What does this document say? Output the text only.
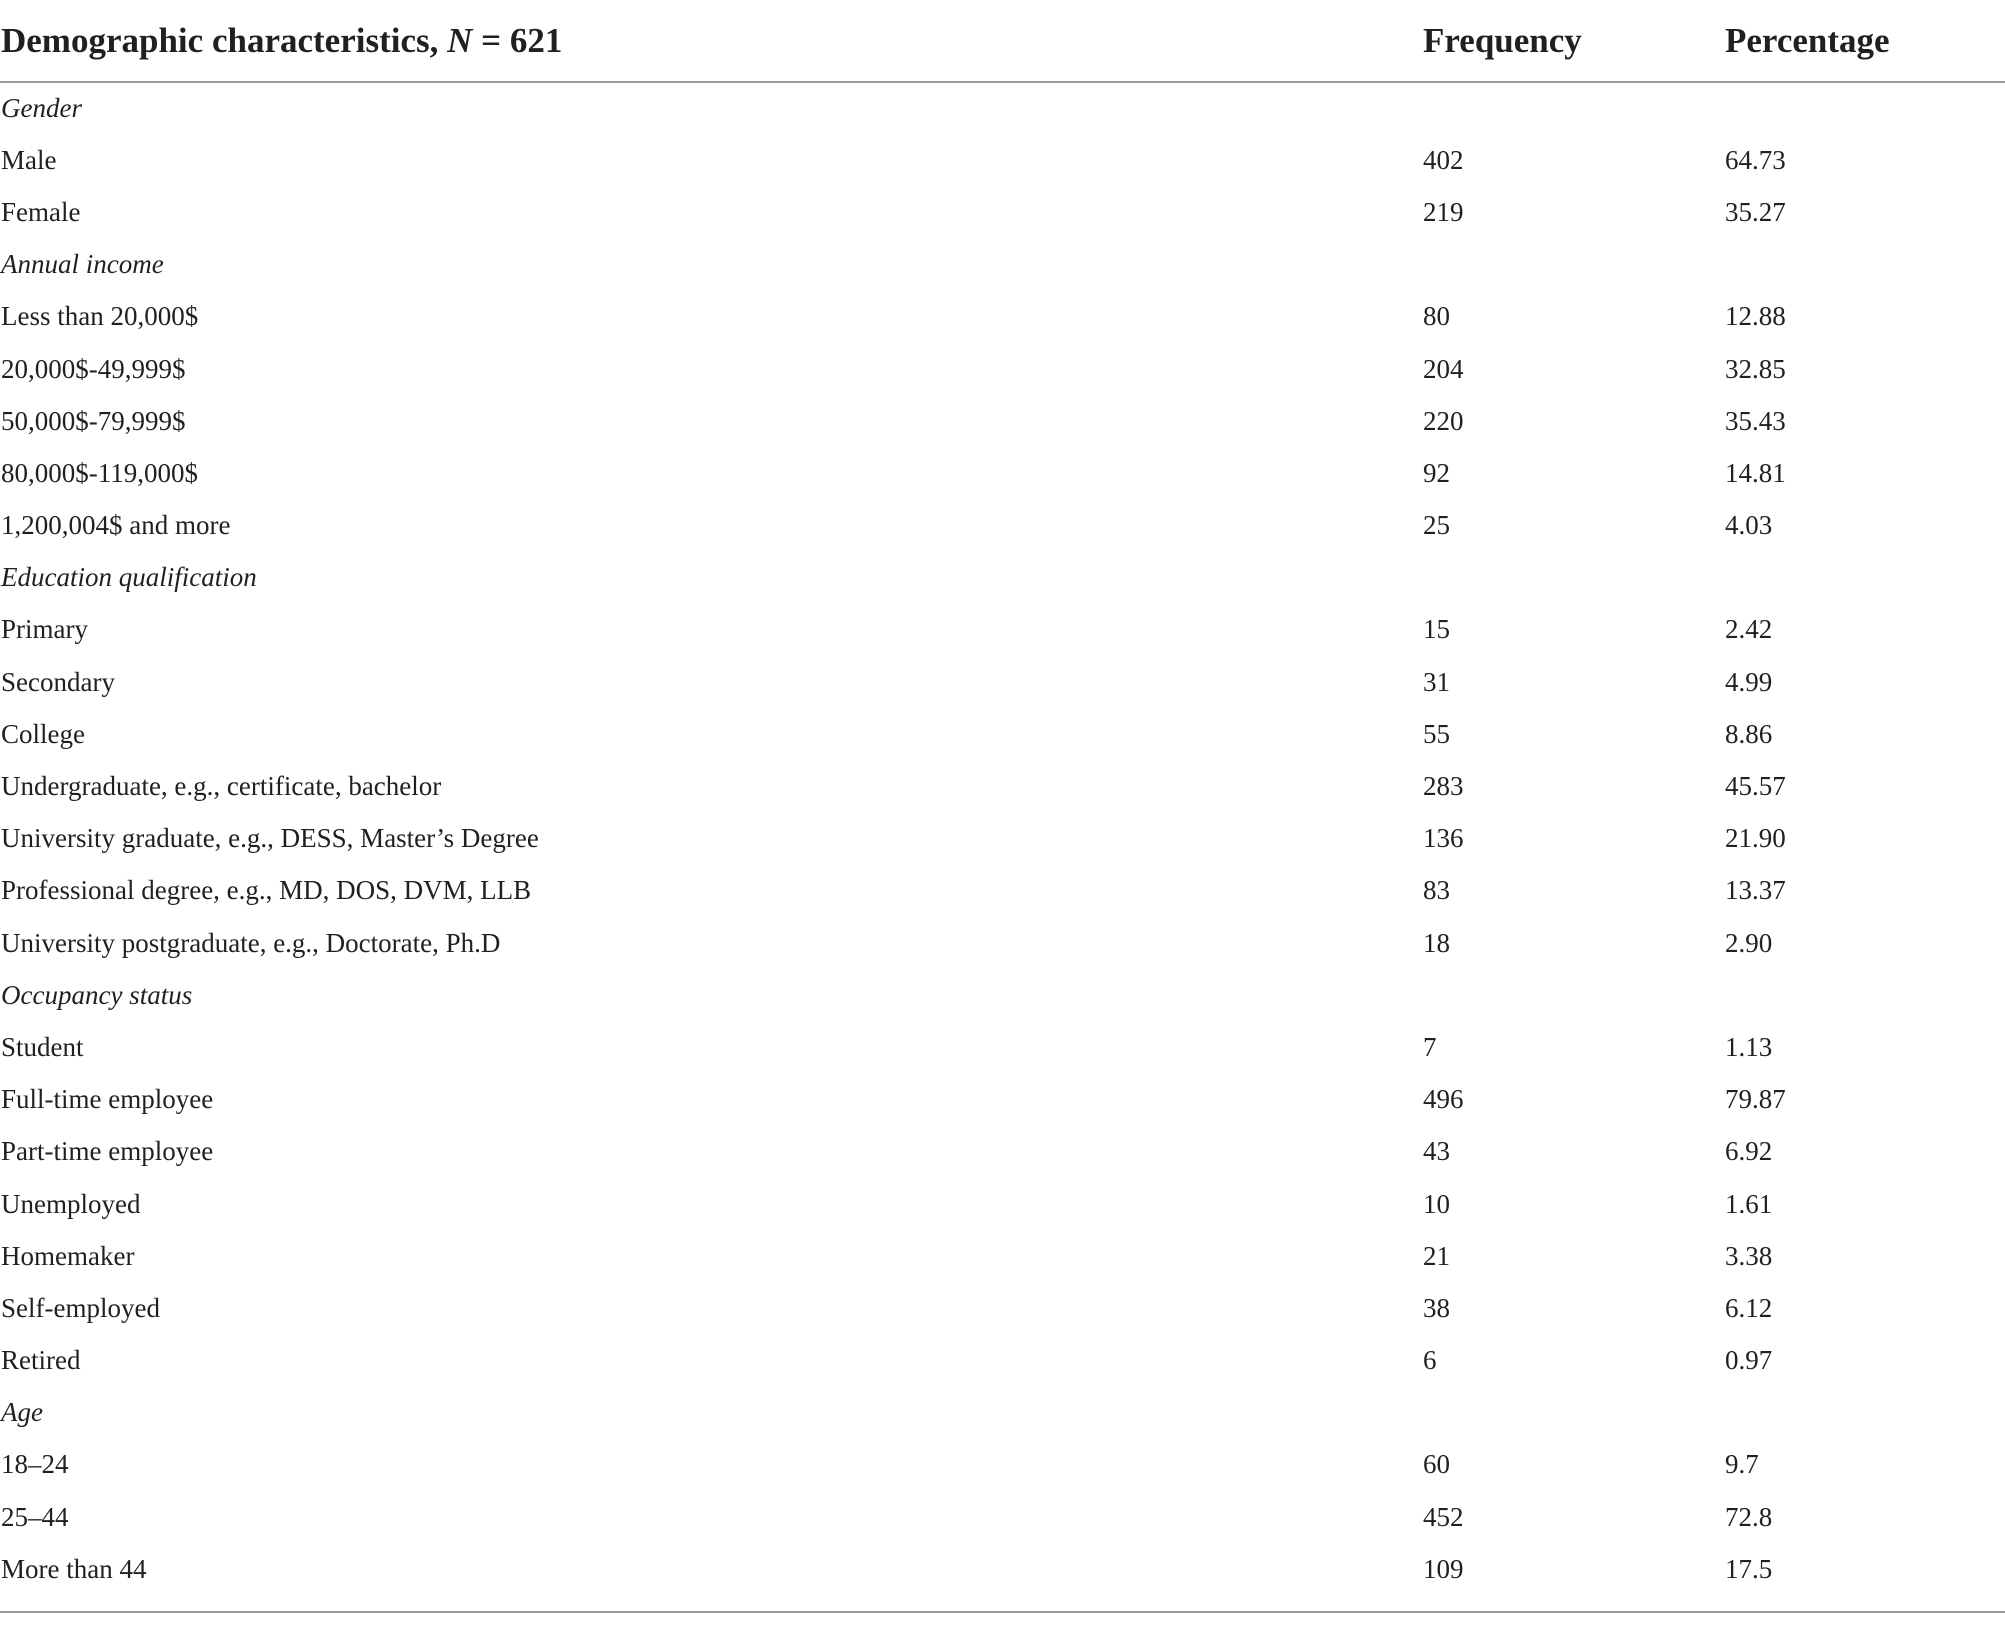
Demographic characteristics, N = 621	Frequency	Percentage
Gender		
Male	402	64.73
Female	219	35.27
Annual income		
Less than 20,000$	80	12.88
20,000$-49,999$	204	32.85
50,000$-79,999$	220	35.43
80,000$-119,000$	92	14.81
1,200,004$ and more	25	4.03
Education qualification		
Primary	15	2.42
Secondary	31	4.99
College	55	8.86
Undergraduate, e.g., certificate, bachelor	283	45.57
University graduate, e.g., DESS, Master’s Degree	136	21.90
Professional degree, e.g., MD, DOS, DVM, LLB	83	13.37
University postgraduate, e.g., Doctorate, Ph.D	18	2.90
Occupancy status		
Student	7	1.13
Full-time employee	496	79.87
Part-time employee	43	6.92
Unemployed	10	1.61
Homemaker	21	3.38
Self-employed	38	6.12
Retired	6	0.97
Age		
18–24	60	9.7
25–44	452	72.8
More than 44	109	17.5
